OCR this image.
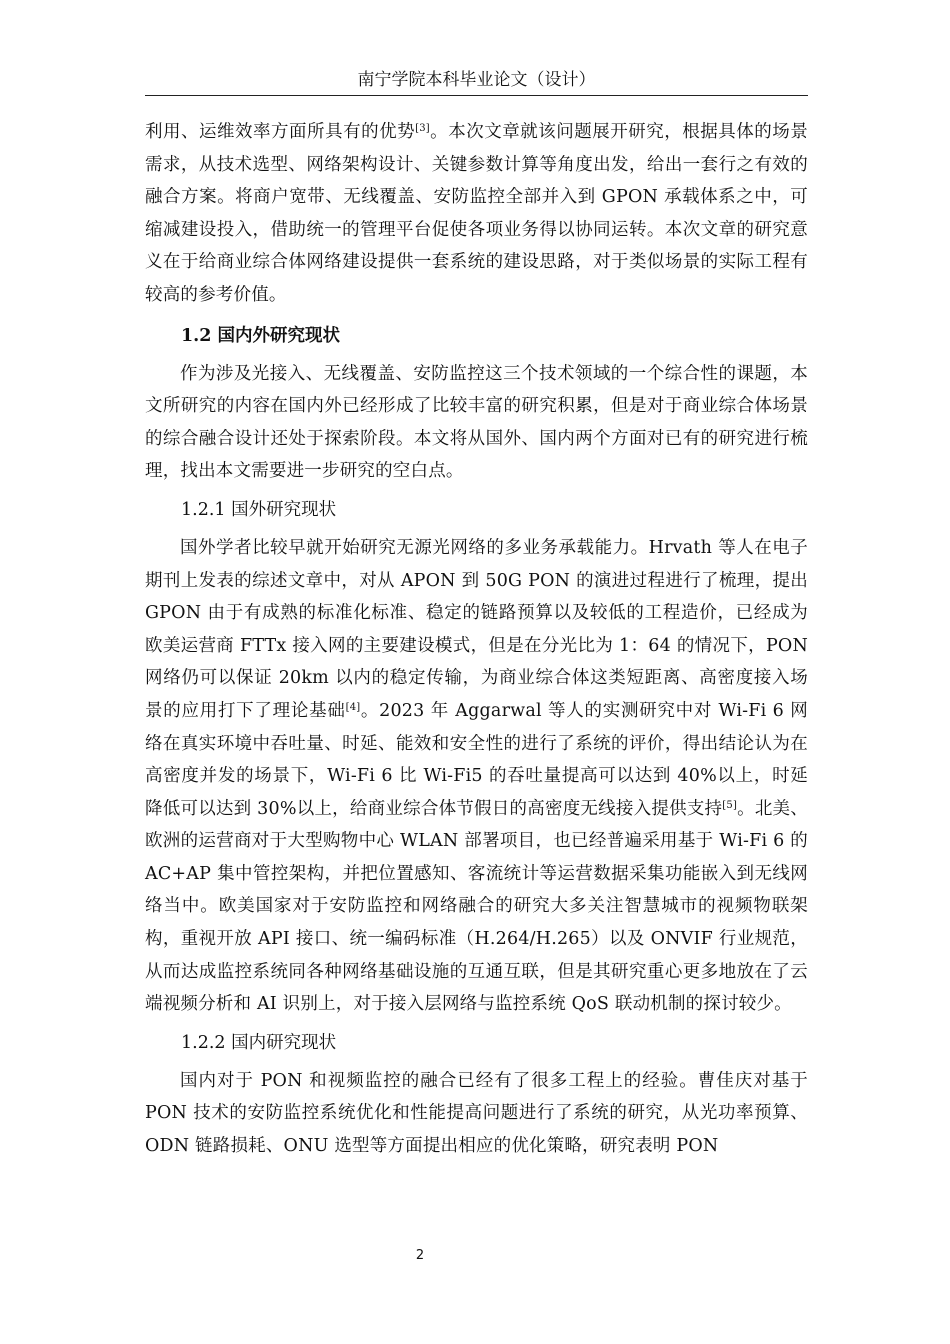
南宁学院本科毕业论文（设计）

利用、运维效率方面所具有的优势[3]。本次文章就该问题展开研究，根据具体的场景需求，从技术选型、网络架构设计、关键参数计算等角度出发，给出一套行之有效的融合方案。将商户宽带、无线覆盖、安防监控全部并入到 GPON 承载体系之中，可缩减建设投入，借助统一的管理平台促使各项业务得以协同运转。本次文章的研究意义在于给商业综合体网络建设提供一套系统的建设思路，对于类似场景的实际工程有较高的参考价值。

1.2 国内外研究现状

作为涉及光接入、无线覆盖、安防监控这三个技术领域的一个综合性的课题，本文所研究的内容在国内外已经形成了比较丰富的研究积累，但是对于商业综合体场景的综合融合设计还处于探索阶段。本文将从国外、国内两个方面对已有的研究进行梳理，找出本文需要进一步研究的空白点。

1.2.1 国外研究现状

国外学者比较早就开始研究无源光网络的多业务承载能力。Hrvath 等人在电子期刊上发表的综述文章中，对从 APON 到 50G PON 的演进过程进行了梳理，提出 GPON 由于有成熟的标准化标准、稳定的链路预算以及较低的工程造价，已经成为欧美运营商 FTTx 接入网的主要建设模式，但是在分光比为 1：64 的情况下，PON 网络仍可以保证 20km 以内的稳定传输，为商业综合体这类短距离、高密度接入场景的应用打下了理论基础[4]。2023 年 Aggarwal 等人的实测研究中对 Wi-Fi 6 网络在真实环境中吞吐量、时延、能效和安全性的进行了系统的评价，得出结论认为在高密度并发的场景下，Wi-Fi 6 比 Wi-Fi5 的吞吐量提高可以达到 40%以上，时延降低可以达到 30%以上，给商业综合体节假日的高密度无线接入提供支持[5]。北美、欧洲的运营商对于大型购物中心 WLAN 部署项目，也已经普遍采用基于 Wi-Fi 6 的 AC+AP 集中管控架构，并把位置感知、客流统计等运营数据采集功能嵌入到无线网络当中。欧美国家对于安防监控和网络融合的研究大多关注智慧城市的视频物联架构，重视开放 API 接口、统一编码标准（H.264/H.265）以及 ONVIF 行业规范，从而达成监控系统同各种网络基础设施的互通互联，但是其研究重心更多地放在了云端视频分析和 AI 识别上，对于接入层网络与监控系统 QoS 联动机制的探讨较少。

1.2.2 国内研究现状

国内对于 PON 和视频监控的融合已经有了很多工程上的经验。曹佳庆对基于 PON 技术的安防监控系统优化和性能提高问题进行了系统的研究，从光功率预算、ODN 链路损耗、ONU 选型等方面提出相应的优化策略，研究表明 PON

2
